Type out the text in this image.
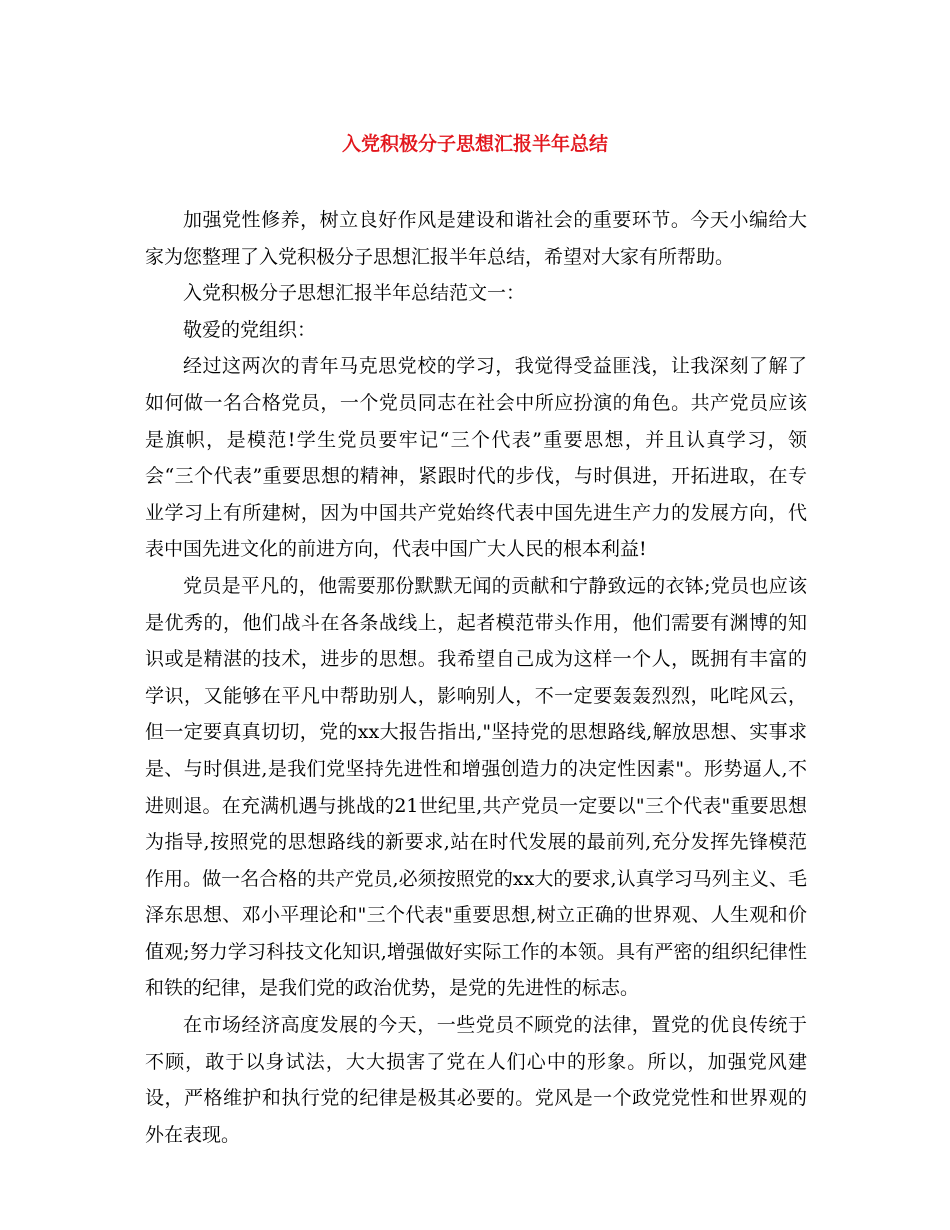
入党积极分子思想汇报半年总结

加强党性修养，树立良好作风是建设和谐社会的重要环节。今天小编给大家为您整理了入党积极分子思想汇报半年总结，希望对大家有所帮助。

入党积极分子思想汇报半年总结范文一：

敬爱的党组织：

经过这两次的青年马克思党校的学习，我觉得受益匪浅，让我深刻了解了如何做一名合格党员，一个党员同志在社会中所应扮演的角色。共产党员应该是旗帜，是模范!学生党员要牢记“三个代表”重要思想，并且认真学习，领会“三个代表”重要思想的精神，紧跟时代的步伐，与时俱进，开拓进取，在专业学习上有所建树，因为中国共产党始终代表中国先进生产力的发展方向，代表中国先进文化的前进方向，代表中国广大人民的根本利益!

党员是平凡的，他需要那份默默无闻的贡献和宁静致远的衣钵;党员也应该是优秀的，他们战斗在各条战线上，起者模范带头作用，他们需要有渊博的知识或是精湛的技术，进步的思想。我希望自己成为这样一个人，既拥有丰富的学识，又能够在平凡中帮助别人，影响别人，不一定要轰轰烈烈，叱咤风云，但一定要真真切切，党的xx大报告指出,"坚持党的思想路线,解放思想、实事求是、与时俱进,是我们党坚持先进性和增强创造力的决定性因素"。形势逼人,不进则退。在充满机遇与挑战的21世纪里,共产党员一定要以"三个代表"重要思想为指导,按照党的思想路线的新要求,站在时代发展的最前列,充分发挥先锋模范作用。做一名合格的共产党员,必须按照党的xx大的要求,认真学习马列主义、毛泽东思想、邓小平理论和"三个代表"重要思想,树立正确的世界观、人生观和价值观;努力学习科技文化知识,增强做好实际工作的本领。具有严密的组织纪律性和铁的纪律，是我们党的政治优势，是党的先进性的标志。

在市场经济高度发展的今天，一些党员不顾党的法律，置党的优良传统于不顾，敢于以身试法，大大损害了党在人们心中的形象。所以，加强党风建设，严格维护和执行党的纪律是极其必要的。党风是一个政党党性和世界观的外在表现。
